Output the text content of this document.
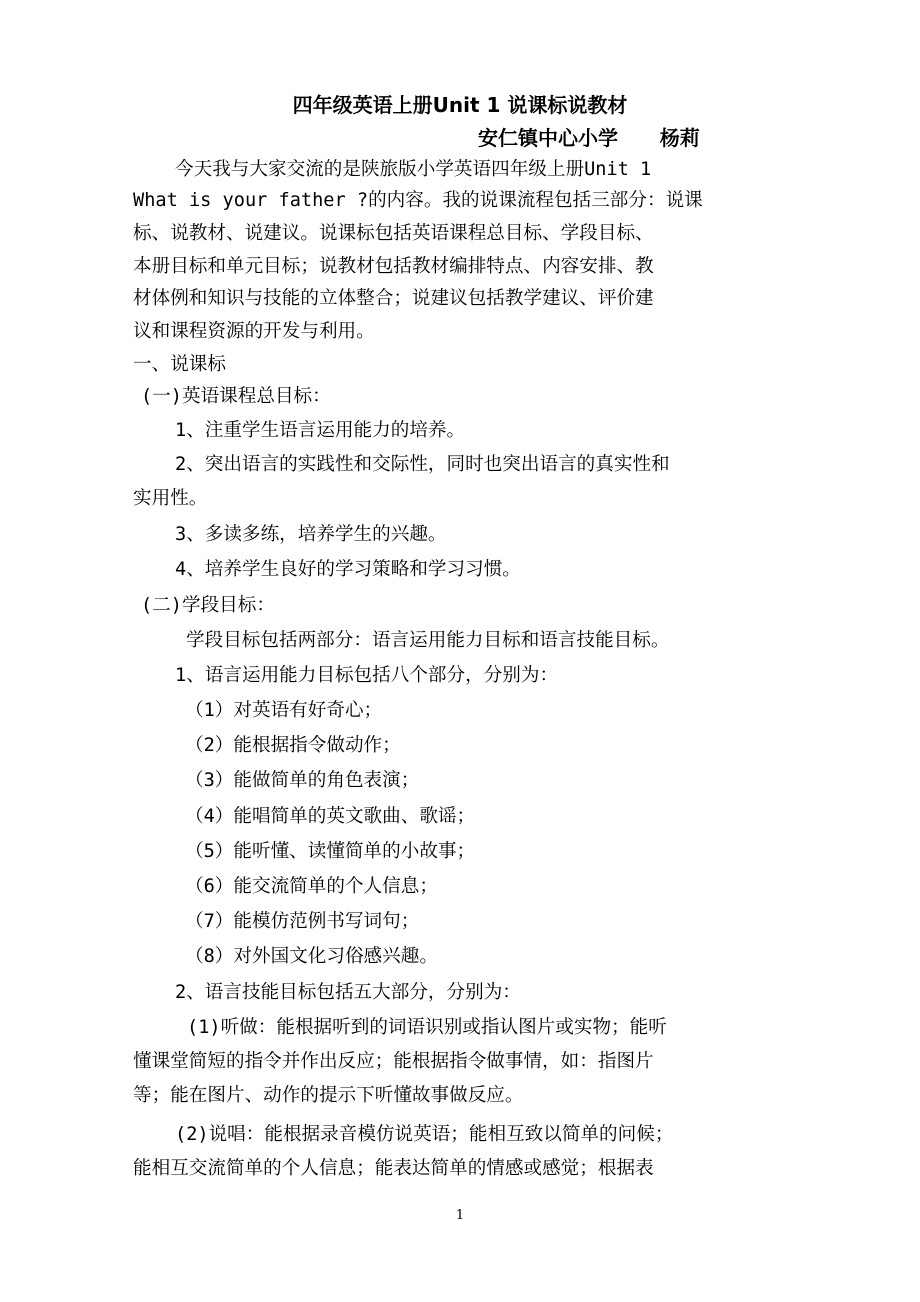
四年级英语上册Unit 1 说课标说教材
安仁镇中心小学      杨莉
今天我与大家交流的是陕旅版小学英语四年级上册Unit 1
What is your father ?的内容。我的说课流程包括三部分：说课
标、说教材、说建议。说课标包括英语课程总目标、学段目标、
本册目标和单元目标；说教材包括教材编排特点、内容安排、教
材体例和知识与技能的立体整合；说建议包括教学建议、评价建
议和课程资源的开发与利用。
一、说课标
(一)英语课程总目标：
1、注重学生语言运用能力的培养。
2、突出语言的实践性和交际性，同时也突出语言的真实性和
实用性。
3、多读多练，培养学生的兴趣。
4、培养学生良好的学习策略和学习习惯。
(二)学段目标：
学段目标包括两部分：语言运用能力目标和语言技能目标。
1、语言运用能力目标包括八个部分，分别为：
（1）对英语有好奇心；
（2）能根据指令做动作；
（3）能做简单的角色表演；
（4）能唱简单的英文歌曲、歌谣；
（5）能听懂、读懂简单的小故事；
（6）能交流简单的个人信息；
（7）能模仿范例书写词句；
（8）对外国文化习俗感兴趣。
2、语言技能目标包括五大部分，分别为：
(1)听做：能根据听到的词语识别或指认图片或实物；能听
懂课堂简短的指令并作出反应；能根据指令做事情，如：指图片
等；能在图片、动作的提示下听懂故事做反应。
(2)说唱：能根据录音模仿说英语；能相互致以简单的问候；
能相互交流简单的个人信息；能表达简单的情感或感觉；根据表
1
